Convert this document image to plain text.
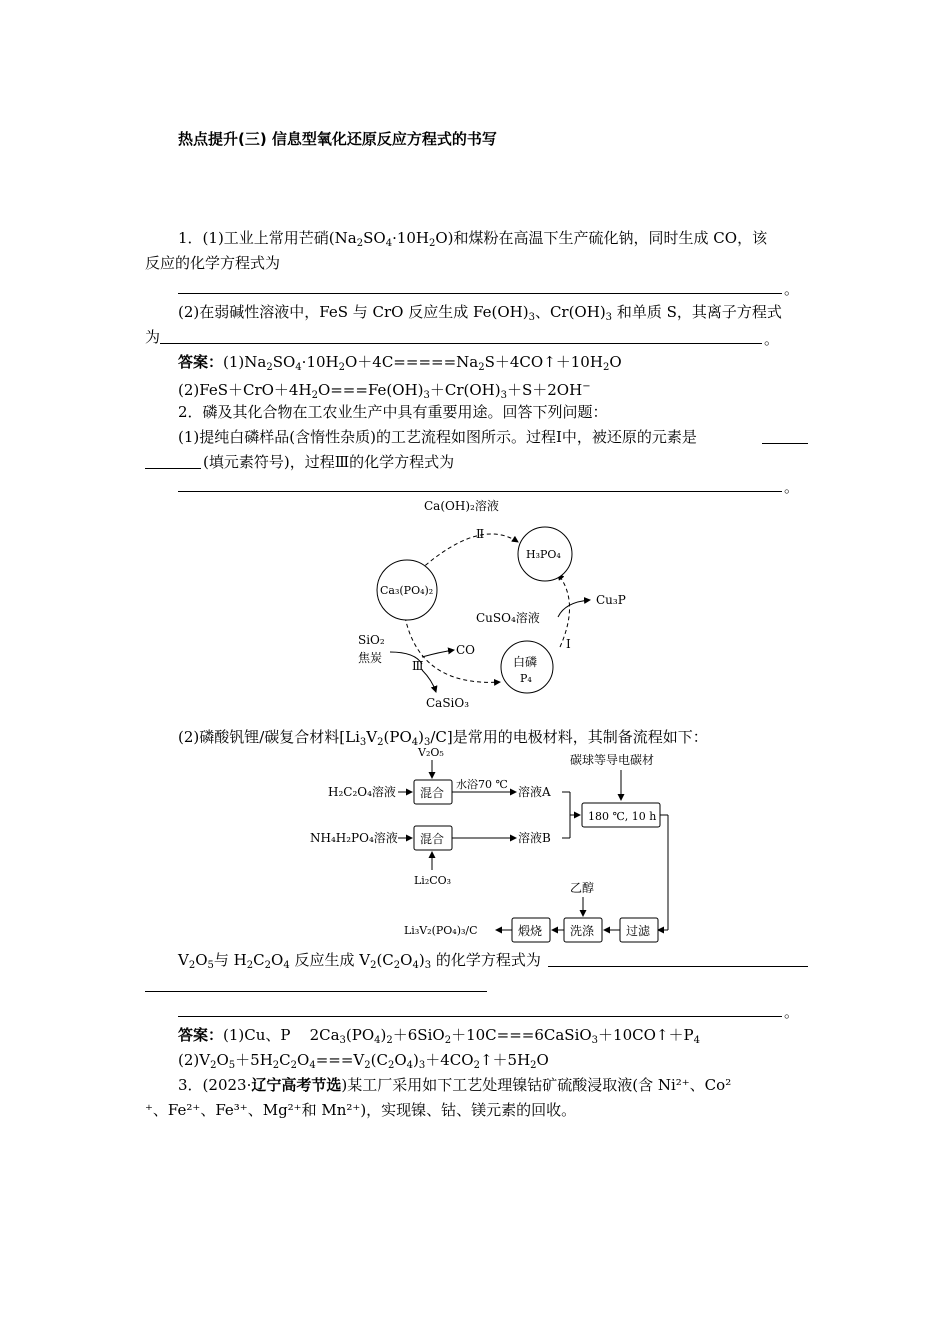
热点提升(三) 信息型氧化还原反应方程式的书写
1．(1)工业上常用芒硝$(Na_2SO_4\cdot 10H_2O)$和煤粉在高温下生产硫化钠，同时生成 CO，该
反应的化学方程式为
。
(2)在弱碱性溶液中，FeS 与 CrO 反应生成 $Fe(OH)_3$、$Cr(OH)_3$ 和单质 S，其离子方程式
为	。
答案：$(1)Na_2SO_4\cdot 10H_2O+4C=====Na_2S+4CO↑+10H_2O$
$(2)FeS+CrO+4H_2O===Fe(OH)_3+Cr(OH)_3+S+2OH^-$
2．磷及其化合物在工农业生产中具有重要用途。回答下列问题：
(1)提纯白磷样品(含惰性杂质)的工艺流程如图所示。过程Ⅰ中，被还原的元素是
(填元素符号)，过程Ⅲ的化学方程式为
。
Ca(OH)₂溶液
Ⅱ
H₃PO₄
Ca₃(PO₄)₂
Cu₃P
CuSO₄溶液
Ⅰ
SiO₂
焦炭
CO
Ⅲ
CaSiO₃
白磷
P₄
(2)磷酸钒锂/碳复合材料$[Li_3V_2(PO_4)_3/C]$是常用的电极材料，其制备流程如下：
V₂O₅
H₂C₂O₄溶液 混合
水浴70 ℃
溶液A
碳球等导电碳材
180 ℃, 10 h
NH₄H₂PO₄溶液 混合	溶液B
Li₂CO₃
乙醇
过滤
洗涤
煅烧
Li₃V₂(PO₄)₃/C
$V_2O_5$与 $H_2C_2O_4$ 反应生成 $V_2(C_2O_4)_3$ 的化学方程式为
。
答案：(1)Cu、P    $2Ca_3(PO_4)_2+6SiO_2+10C===6CaSiO_3+10CO↑+P_4$
$(2)V_2O_5+5H_2C_2O_4===V_2(C_2O_4)_3+4CO_2↑+5H_2O$
3．(2023·辽宁高考节选)某工厂采用如下工艺处理镍钴矿硫酸浸取液(含 Ni²⁺、Co²
⁺、Fe²⁺、Fe³⁺、Mg²⁺和 Mn²⁺)，实现镍、钴、镁元素的回收。
